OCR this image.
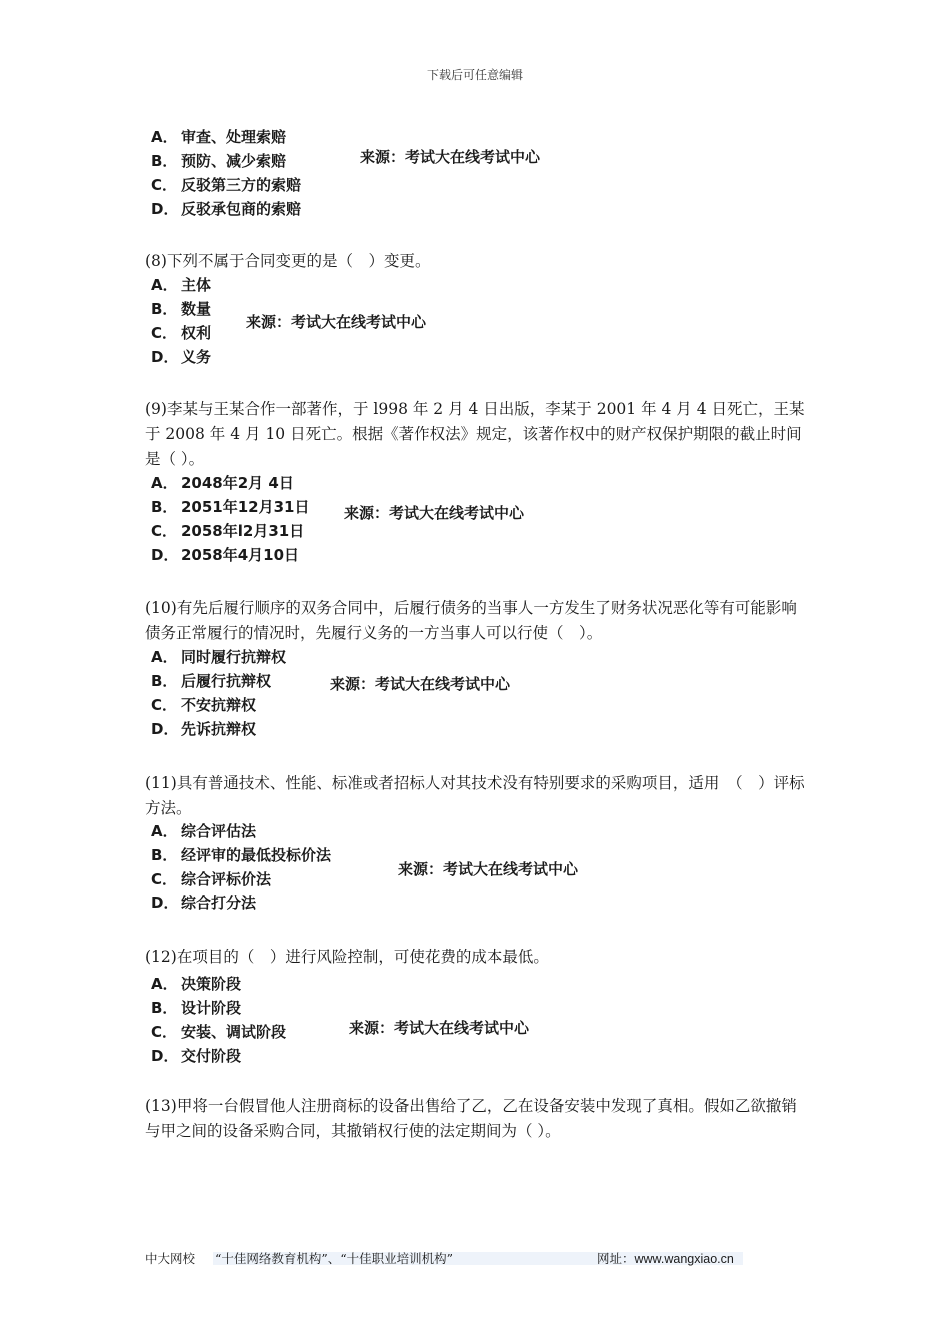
下载后可任意编辑
A． 审查、处理索赔
B． 预防、减少索赔
C． 反驳第三方的索赔
D． 反驳承包商的索赔
来源：考试大在线考试中心
(8)下列不属于合同变更的是（　）变更。
A． 主体
B． 数量
C． 权利
D． 义务
来源：考试大在线考试中心
(9)李某与王某合作一部著作，于 l998 年 2 月 4 日出版，李某于 2001 年 4 月 4 日死亡，王某于 2008 年 4 月 10 日死亡。根据《著作权法》规定，该著作权中的财产权保护期限的截止时间是（ ）。
A． 2048年2月 4日
B． 2051年12月31日
C． 2058年l2月31日
D． 2058年4月10日
来源：考试大在线考试中心
(10)有先后履行顺序的双务合同中，后履行债务的当事人一方发生了财务状况恶化等有可能影响债务正常履行的情况时，先履行义务的一方当事人可以行使（　）。
A． 同时履行抗辩权
B． 后履行抗辩权
C． 不安抗辩权
D． 先诉抗辩权
来源：考试大在线考试中心
(11)具有普通技术、性能、标准或者招标人对其技术没有特别要求的采购项目，适用　（　）评标方法。
A． 综合评估法
B． 经评审的最低投标价法
C． 综合评标价法
D． 综合打分法
来源：考试大在线考试中心
(12)在项目的（　）进行风险控制，可使花费的成本最低。
A． 决策阶段
B． 设计阶段
C． 安装、调试阶段
D． 交付阶段
来源：考试大在线考试中心
(13)甲将一台假冒他人注册商标的设备出售给了乙，乙在设备安装中发现了真相。假如乙欲撤销与甲之间的设备采购合同，其撤销权行使的法定期间为（ ）。
中大网校 “十佳网络教育机构”、“十佳职业培训机构”	网址：www.wangxiao.cn
